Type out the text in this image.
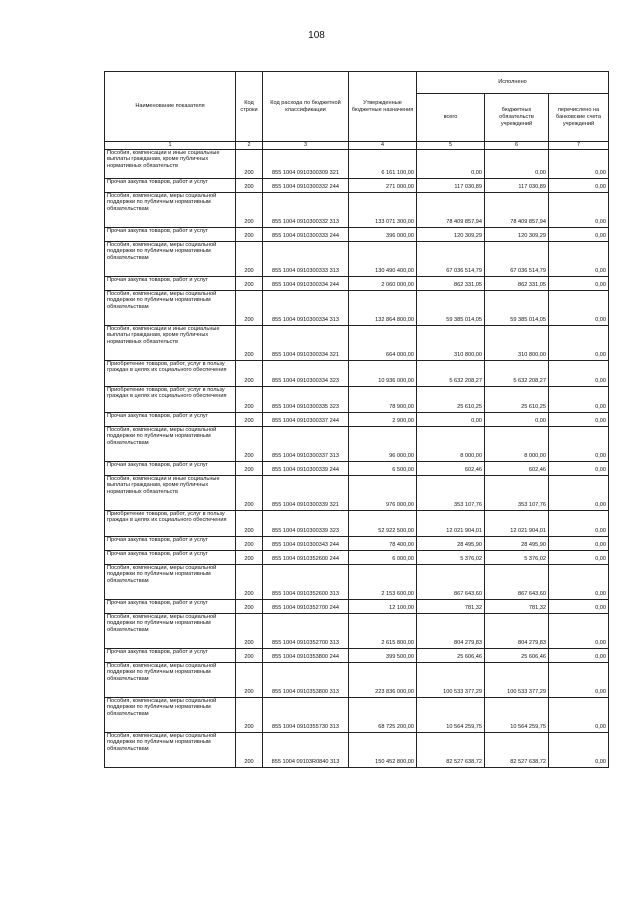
108
Наименование показателя	Код строки	Код расхода по бюджетной классификации	Утвержденные бюджетные назначения	Исполнено		
				всего	бюджетных обязательств учреждений	перечислено на банковские счета учреждений
1	2	3	4	5	6	7
Пособия, компенсации и иные социальные выплаты гражданам, кроме публичных нормативных обязательств	200	855 1004 0910300309 321	6 161 100,00	0,00	0,00	0,00
Прочая закупка товаров, работ и услуг	200	855 1004 0910300332 244	271 000,00	117 030,89	117 030,89	0,00
Пособия, компенсации, меры социальной поддержки по публичным нормативным обязательствам	200	855 1004 0910300332 313	133 071 300,00	78 409 857,94	78 409 857,94	0,00
Прочая закупка товаров, работ и услуг	200	855 1004 0910300333 244	396 000,00	120 309,29	120 309,29	0,00
Пособия, компенсации, меры социальной поддержки по публичным нормативным обязательствам	200	855 1004 0910300333 313	130 490 400,00	67 036 514,79	67 036 514,79	0,00
Прочая закупка товаров, работ и услуг	200	855 1004 0910300334 244	2 060 000,00	862 331,05	862 331,05	0,00
Пособия, компенсации, меры социальной поддержки по публичным нормативным обязательствам	200	855 1004 0910300334 313	132 864 800,00	59 385 014,05	59 385 014,05	0,00
Пособия, компенсации и иные социальные выплаты гражданам, кроме публичных нормативных обязательств	200	855 1004 0910300334 321	664 000,00	310 800,00	310 800,00	0,00
Приобретение товаров, работ, услуг в пользу граждан в целях их социального обеспечения	200	855 1004 0910300334 323	10 936 000,00	5 632 208,27	5 632 208,27	0,00
Приобретение товаров, работ, услуг в пользу граждан в целях их социального обеспечения	200	855 1004 0910300335 323	78 900,00	25 610,25	25 610,25	0,00
Прочая закупка товаров, работ и услуг	200	855 1004 0910300337 244	2 900,00	0,00	0,00	0,00
Пособия, компенсации, меры социальной поддержки по публичным нормативным обязательствам	200	855 1004 0910300337 313	96 000,00	8 000,00	8 000,00	0,00
Прочая закупка товаров, работ и услуг	200	855 1004 0910300339 244	6 500,00	602,46	602,46	0,00
Пособия, компенсации и иные социальные выплаты гражданам, кроме публичных нормативных обязательств	200	855 1004 0910300339 321	976 000,00	353 107,76	353 107,76	0,00
Приобретение товаров, работ, услуг в пользу граждан в целях их социального обеспечения	200	855 1004 0910300339 323	52 922 500,00	12 021 904,01	12 021 904,01	0,00
Прочая закупка товаров, работ и услуг	200	855 1004 0910300343 244	78 400,00	28 495,90	28 495,90	0,00
Прочая закупка товаров, работ и услуг	200	855 1004 0910352600 244	6 000,00	5 376,02	5 376,02	0,00
Пособия, компенсации, меры социальной поддержки по публичным нормативным обязательствам	200	855 1004 0910352600 313	2 153 600,00	867 643,60	867 643,60	0,00
Прочая закупка товаров, работ и услуг	200	855 1004 0910352700 244	12 100,00	781,32	781,32	0,00
Пособия, компенсации, меры социальной поддержки по публичным нормативным обязательствам	200	855 1004 0910352700 313	2 615 800,00	804 279,83	804 279,83	0,00
Прочая закупка товаров, работ и услуг	200	855 1004 0910353800 244	399 500,00	25 606,46	25 606,46	0,00
Пособия, компенсации, меры социальной поддержки по публичным нормативным обязательствам	200	855 1004 0910353800 313	223 836 000,00	100 533 377,29	100 533 377,29	0,00
Пособия, компенсации, меры социальной поддержки по публичным нормативным обязательствам	200	855 1004 0910355730 313	68 725 200,00	10 564 259,75	10 564 259,75	0,00
Пособия, компенсации, меры социальной поддержки по публичным нормативным обязательствам	200	855 1004 09103R0840 313	150 452 800,00	82 527 638,72	82 527 638,72	0,00
